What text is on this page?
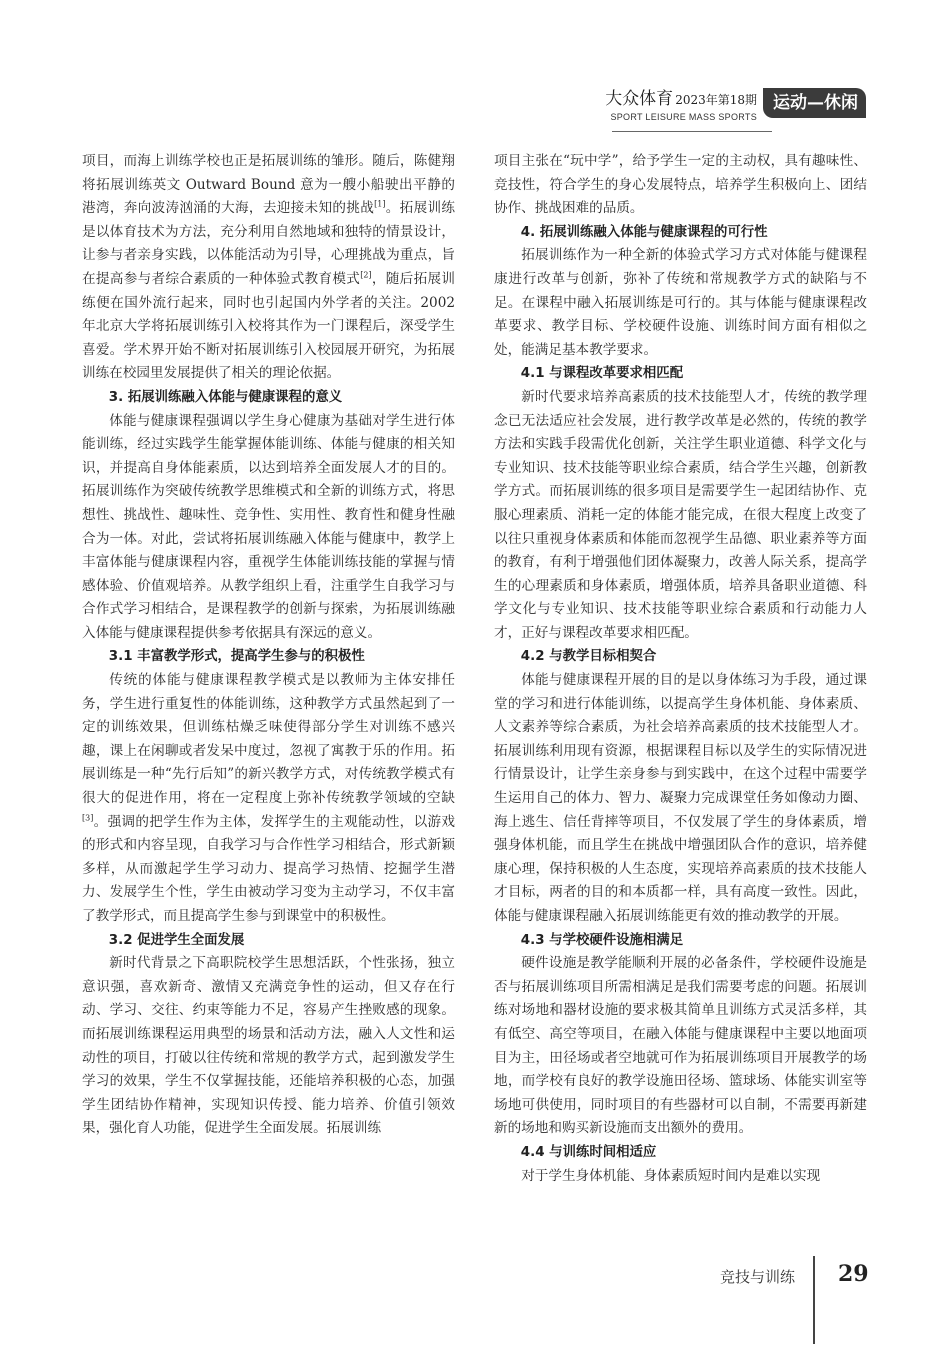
大众体育 2023年第18期
SPORT LEISURE MASS SPORTS
运动—休闲

项目，而海上训练学校也正是拓展训练的雏形。随后，陈健翔将拓展训练英文 Outward Bound 意为一艘小船驶出平静的港湾，奔向波涛汹涌的大海，去迎接未知的挑战[1]。拓展训练是以体育技术为方法，充分利用自然地域和独特的情景设计，让参与者亲身实践，以体能活动为引导，心理挑战为重点，旨在提高参与者综合素质的一种体验式教育模式[2]，随后拓展训练便在国外流行起来，同时也引起国内外学者的关注。2002 年北京大学将拓展训练引入校将其作为一门课程后，深受学生喜爱。学术界开始不断对拓展训练引入校园展开研究，为拓展训练在校园里发展提供了相关的理论依据。

3. 拓展训练融入体能与健康课程的意义

体能与健康课程强调以学生身心健康为基础对学生进行体能训练，经过实践学生能掌握体能训练、体能与健康的相关知识，并提高自身体能素质，以达到培养全面发展人才的目的。拓展训练作为突破传统教学思维模式和全新的训练方式，将思想性、挑战性、趣味性、竞争性、实用性、教育性和健身性融合为一体。对此，尝试将拓展训练融入体能与健康中，教学上丰富体能与健康课程内容，重视学生体能训练技能的掌握与情感体验、价值观培养。从教学组织上看，注重学生自我学习与合作式学习相结合，是课程教学的创新与探索，为拓展训练融入体能与健康课程提供参考依据具有深远的意义。

3.1 丰富教学形式，提高学生参与的积极性

传统的体能与健康课程教学模式是以教师为主体安排任务，学生进行重复性的体能训练，这种教学方式虽然起到了一定的训练效果，但训练枯燥乏味使得部分学生对训练不感兴趣，课上在闲聊或者发呆中度过，忽视了寓教于乐的作用。拓展训练是一种“先行后知”的新兴教学方式，对传统教学模式有很大的促进作用，将在一定程度上弥补传统教学领域的空缺[3]。强调的把学生作为主体，发挥学生的主观能动性，以游戏的形式和内容呈现，自我学习与合作性学习相结合，形式新颖多样，从而激起学生学习动力、提高学习热情、挖掘学生潜力、发展学生个性，学生由被动学习变为主动学习，不仅丰富了教学形式，而且提高学生参与到课堂中的积极性。

3.2 促进学生全面发展

新时代背景之下高职院校学生思想活跃，个性张扬，独立意识强，喜欢新奇、激情又充满竞争性的运动，但又存在行动、学习、交往、约束等能力不足，容易产生挫败感的现象。而拓展训练课程运用典型的场景和活动方法，融入人文性和运动性的项目，打破以往传统和常规的教学方式，起到激发学生学习的效果，学生不仅掌握技能，还能培养积极的心态，加强学生团结协作精神，实现知识传授、能力培养、价值引领效果，强化育人功能，促进学生全面发展。拓展训练

项目主张在“玩中学”，给予学生一定的主动权，具有趣味性、竞技性，符合学生的身心发展特点，培养学生积极向上、团结协作、挑战困难的品质。

4. 拓展训练融入体能与健康课程的可行性

拓展训练作为一种全新的体验式学习方式对体能与健课程康进行改革与创新，弥补了传统和常规教学方式的缺陷与不足。在课程中融入拓展训练是可行的。其与体能与健康课程改革要求、教学目标、学校硬件设施、训练时间方面有相似之处，能满足基本教学要求。

4.1 与课程改革要求相匹配

新时代要求培养高素质的技术技能型人才，传统的教学理念已无法适应社会发展，进行教学改革是必然的，传统的教学方法和实践手段需优化创新，关注学生职业道德、科学文化与专业知识、技术技能等职业综合素质，结合学生兴趣，创新教学方式。而拓展训练的很多项目是需要学生一起团结协作、克服心理素质、消耗一定的体能才能完成，在很大程度上改变了以往只重视身体素质和体能而忽视学生品德、职业素养等方面的教育，有利于增强他们团体凝聚力，改善人际关系，提高学生的心理素质和身体素质，增强体质，培养具备职业道德、科学文化与专业知识、技术技能等职业综合素质和行动能力人才，正好与课程改革要求相匹配。

4.2 与教学目标相契合

体能与健康课程开展的目的是以身体练习为手段，通过课堂的学习和进行体能训练，以提高学生身体机能、身体素质、人文素养等综合素质，为社会培养高素质的技术技能型人才。拓展训练利用现有资源，根据课程目标以及学生的实际情况进行情景设计，让学生亲身参与到实践中，在这个过程中需要学生运用自己的体力、智力、凝聚力完成课堂任务如像动力圈、海上逃生、信任背摔等项目，不仅发展了学生的身体素质，增强身体机能，而且学生在挑战中增强团队合作的意识，培养健康心理，保持积极的人生态度，实现培养高素质的技术技能人才目标，两者的目的和本质都一样，具有高度一致性。因此，体能与健康课程融入拓展训练能更有效的推动教学的开展。

4.3 与学校硬件设施相满足

硬件设施是教学能顺利开展的必备条件，学校硬件设施是否与拓展训练项目所需相满足是我们需要考虑的问题。拓展训练对场地和器材设施的要求极其简单且训练方式灵活多样，其有低空、高空等项目，在融入体能与健康课程中主要以地面项目为主，田径场或者空地就可作为拓展训练项目开展教学的场地，而学校有良好的教学设施田径场、篮球场、体能实训室等场地可供使用，同时项目的有些器材可以自制，不需要再新建新的场地和购买新设施而支出额外的费用。

4.4 与训练时间相适应

对于学生身体机能、身体素质短时间内是难以实现

竞技与训练 29
